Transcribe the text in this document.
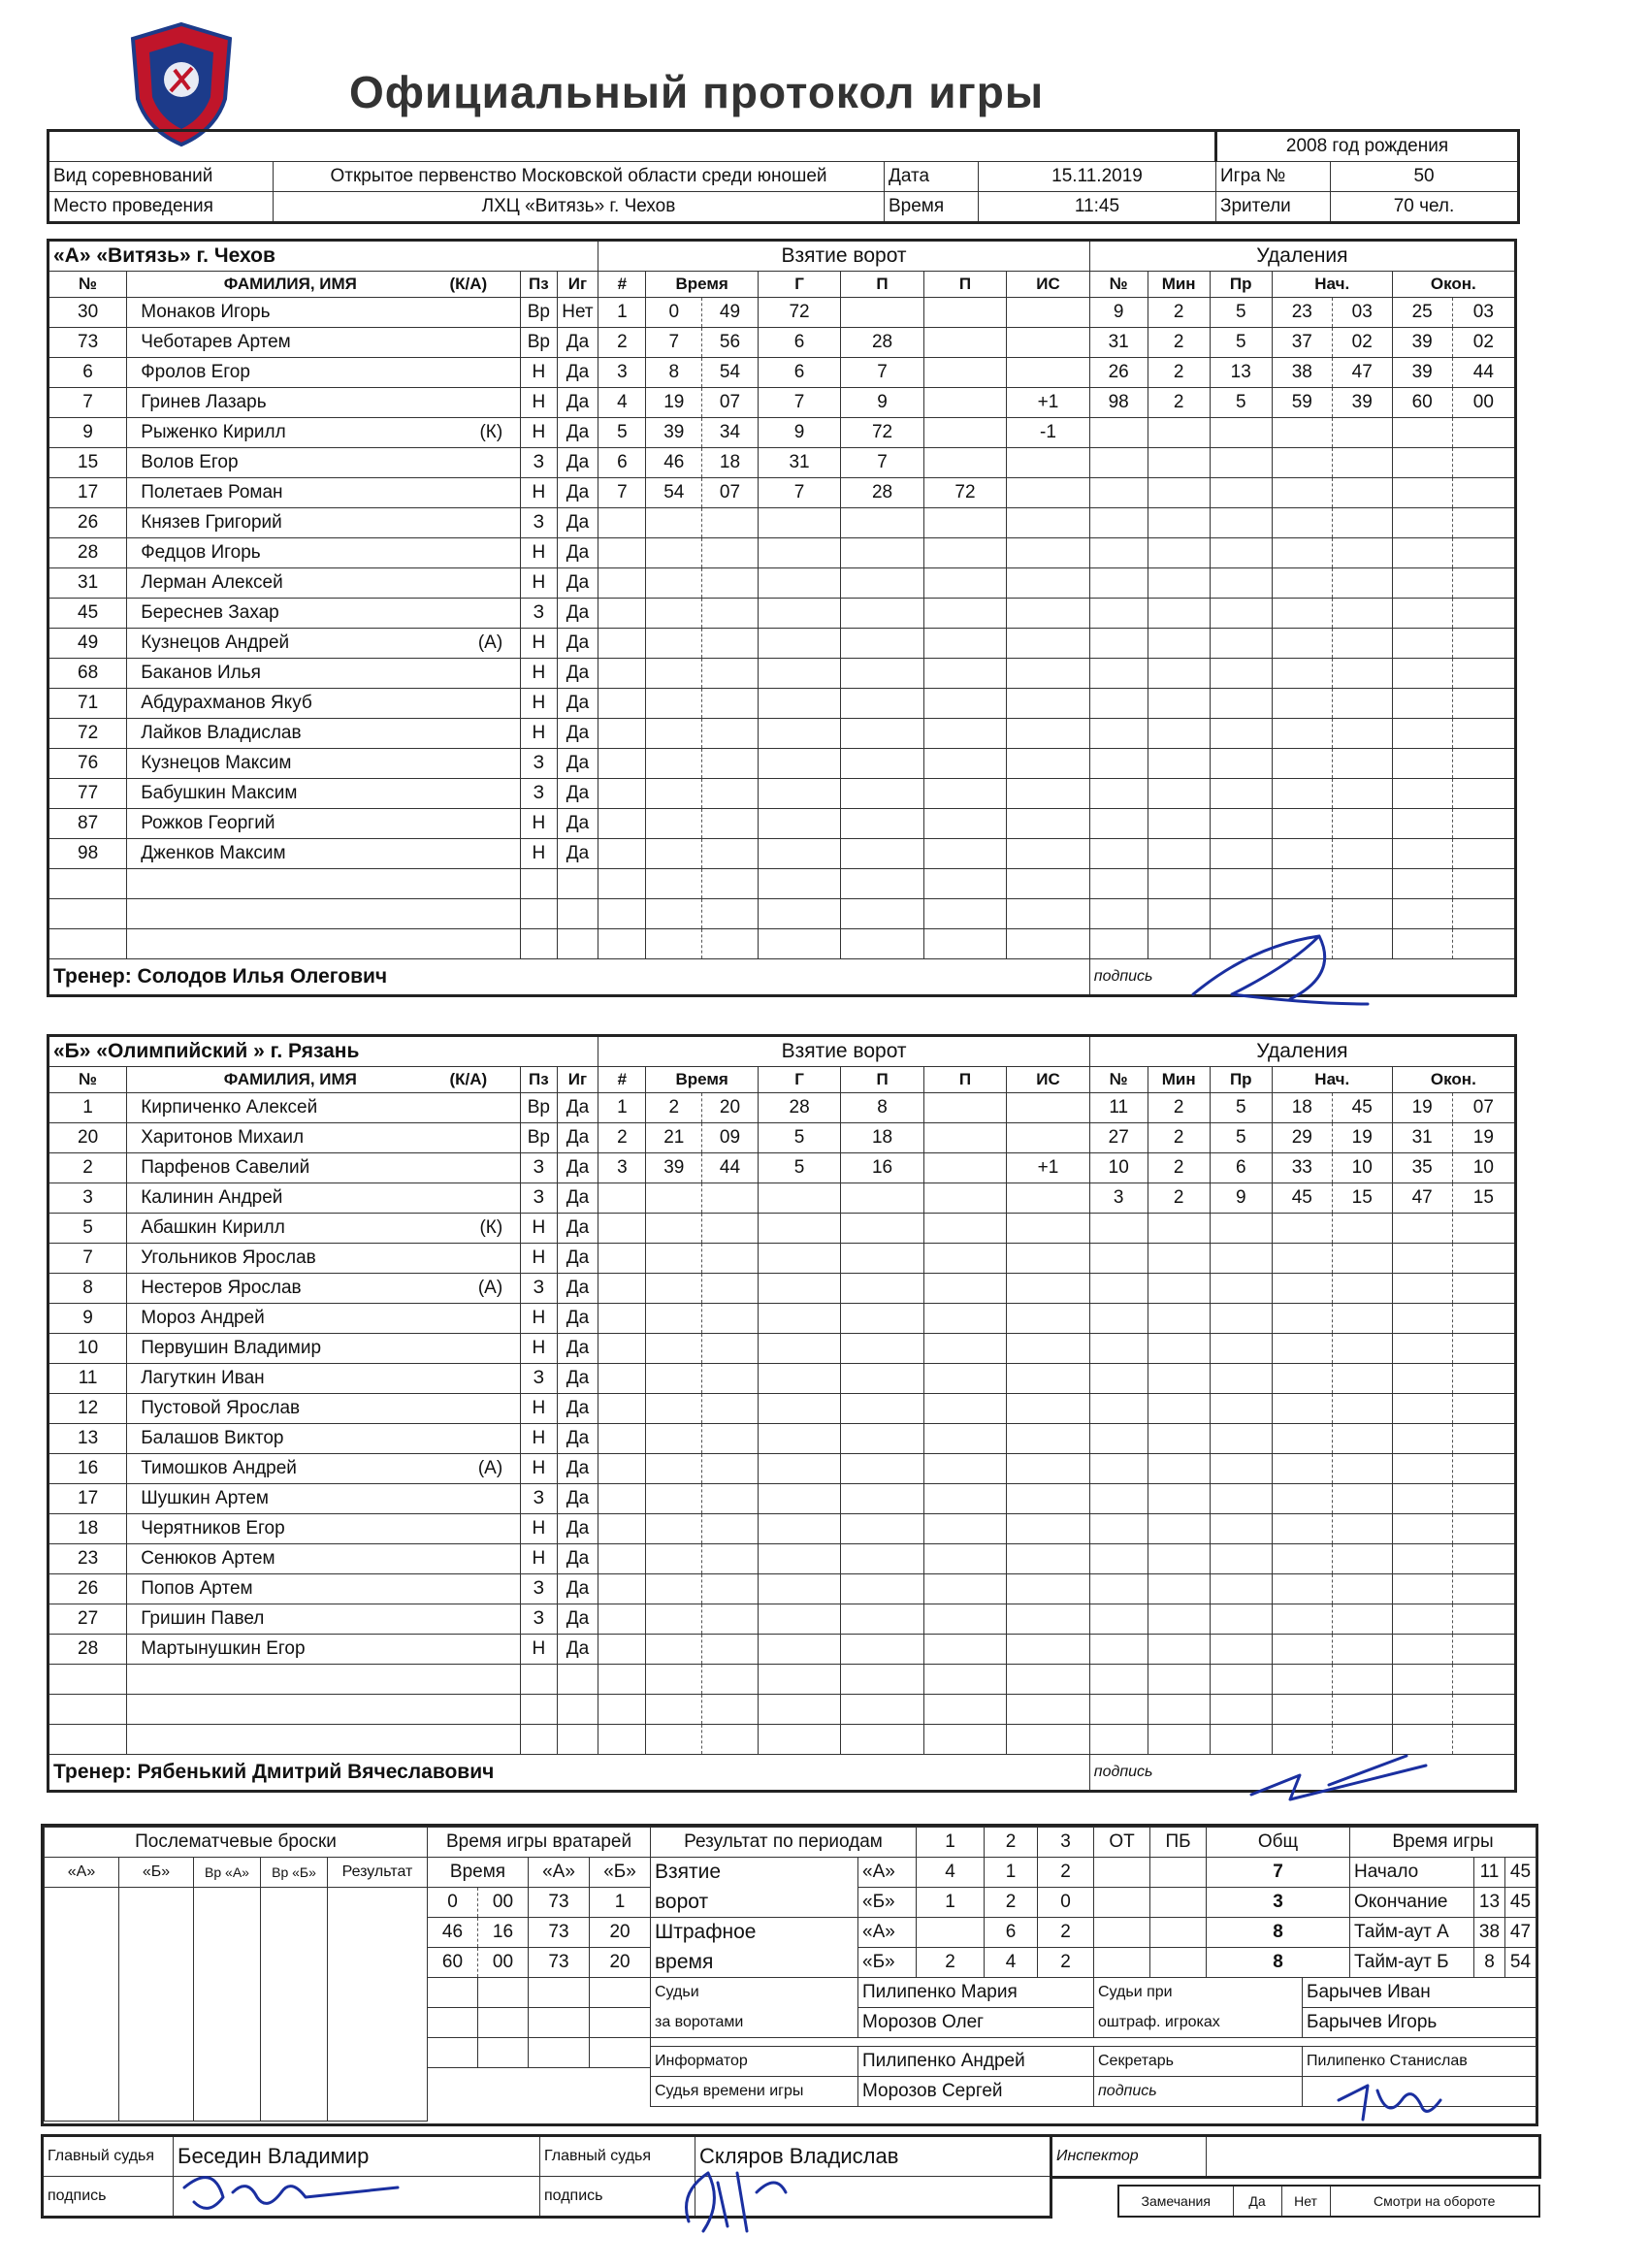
Официальный протокол игры
				2008 год рождения	
Вид соревнований	Открытое первенство Московской области среди юношей	Дата	15.11.2019	Игра №	50
Место проведения	ЛХЦ «Витязь» г. Чехов	Время	11:45	Зрители	70 чел.
«А» «Витязь» г. Чехов				Взятие ворот							Удаления						
№	ФАМИЛИЯ, ИМЯ (К/А)	Пз	Иг	#	Время		Г	П	П	ИС	№	Мин	Пр	Нач.		Окон.	
30	Монаков Игорь	Вр	Нет	1	0	49	72				9	2	5	23	03	25	03
73	Чеботарев Артем	Вр	Да	2	7	56	6	28			31	2	5	37	02	39	02
6	Фролов Егор	Н	Да	3	8	54	6	7			26	2	13	38	47	39	44
7	Гринев Лазарь	Н	Да	4	19	07	7	9		+1	98	2	5	59	39	60	00
9	Рыженко Кирилл (К)	Н	Да	5	39	34	9	72		-1							
15	Волов Егор	З	Да	6	46	18	31	7									
17	Полетаев Роман	Н	Да	7	54	07	7	28	72								
26	Князев Григорий	З	Да														
28	Федцов Игорь	Н	Да														
31	Лерман Алексей	Н	Да														
45	Береснев Захар	З	Да														
49	Кузнецов Андрей (А)	Н	Да														
68	Баканов Илья	Н	Да														
71	Абдурахманов Якуб	Н	Да														
72	Лайков Владислав	Н	Да														
76	Кузнецов Максим	З	Да														
77	Бабушкин Максим	З	Да														
87	Рожков Георгий	Н	Да														
98	Дженков Максим	Н	Да														

Тренер: Солодов Илья Олегович											подпись						
«Б» «Олимпийский » г. Рязань				Взятие ворот							Удаления						
№	ФАМИЛИЯ, ИМЯ (К/А)	Пз	Иг	#	Время		Г	П	П	ИС	№	Мин	Пр	Нач.		Окон.	
1	Кирпиченко Алексей	Вр	Да	1	2	20	28	8			11	2	5	18	45	19	07
20	Харитонов Михаил	Вр	Да	2	21	09	5	18			27	2	5	29	19	31	19
2	Парфенов Савелий	З	Да	3	39	44	5	16		+1	10	2	6	33	10	35	10
3	Калинин Андрей	З	Да								3	2	9	45	15	47	15
5	Абашкин Кирилл (К)	Н	Да														
7	Угольников Ярослав	Н	Да														
8	Нестеров Ярослав (А)	З	Да														
9	Мороз Андрей	Н	Да														
10	Первушин Владимир	Н	Да														
11	Лагуткин Иван	З	Да														
12	Пустовой Ярослав	Н	Да														
13	Балашов Виктор	Н	Да														
16	Тимошков Андрей (А)	Н	Да														
17	Шушкин Артем	З	Да														
18	Черятников Егор	Н	Да														
23	Сенюков Артем	Н	Да														
26	Попов Артем	З	Да														
27	Гришин Павел	З	Да														
28	Мартынушкин Егор	Н	Да														

Тренер: Рябенький Дмитрий Вячеславович											подпись						
Послематчевые броски				
«А»	«Б»	Вр «А»	Вр «Б»	Результат

Время игры вратарей			
Время		«А»	«Б»
0	00	73	1
46	16	73	20
60	00	73	20

Результат по периодам		1	2	3	ОТ	ПБ	Общ
Взятие	«А»	4	1	2			7
ворот	«Б»	1	2	0			3
Штрафное	«А»		6	2			8
время	«Б»	2	4	2			8
Время игры		
Начало	11	45
Окончание	13	45
Тайм-аут А	38	47
Тайм-аут Б	8	54
Судьи	Пилипенко Мария	Судьи при	Барычев Иван
за воротами	Морозов Олег	оштраф. игроках	Барычев Игорь

Информатор	Пилипенко Андрей	Секретарь	Пилипенко Станислав
Судья времени игры	Морозов Сергей	подпись	
Главный судья	Беседин Владимир	Главный судья	Скляров Владислав
подпись		подпись	
Инспектор	
Замечания	Да	Нет	Смотри на обороте
